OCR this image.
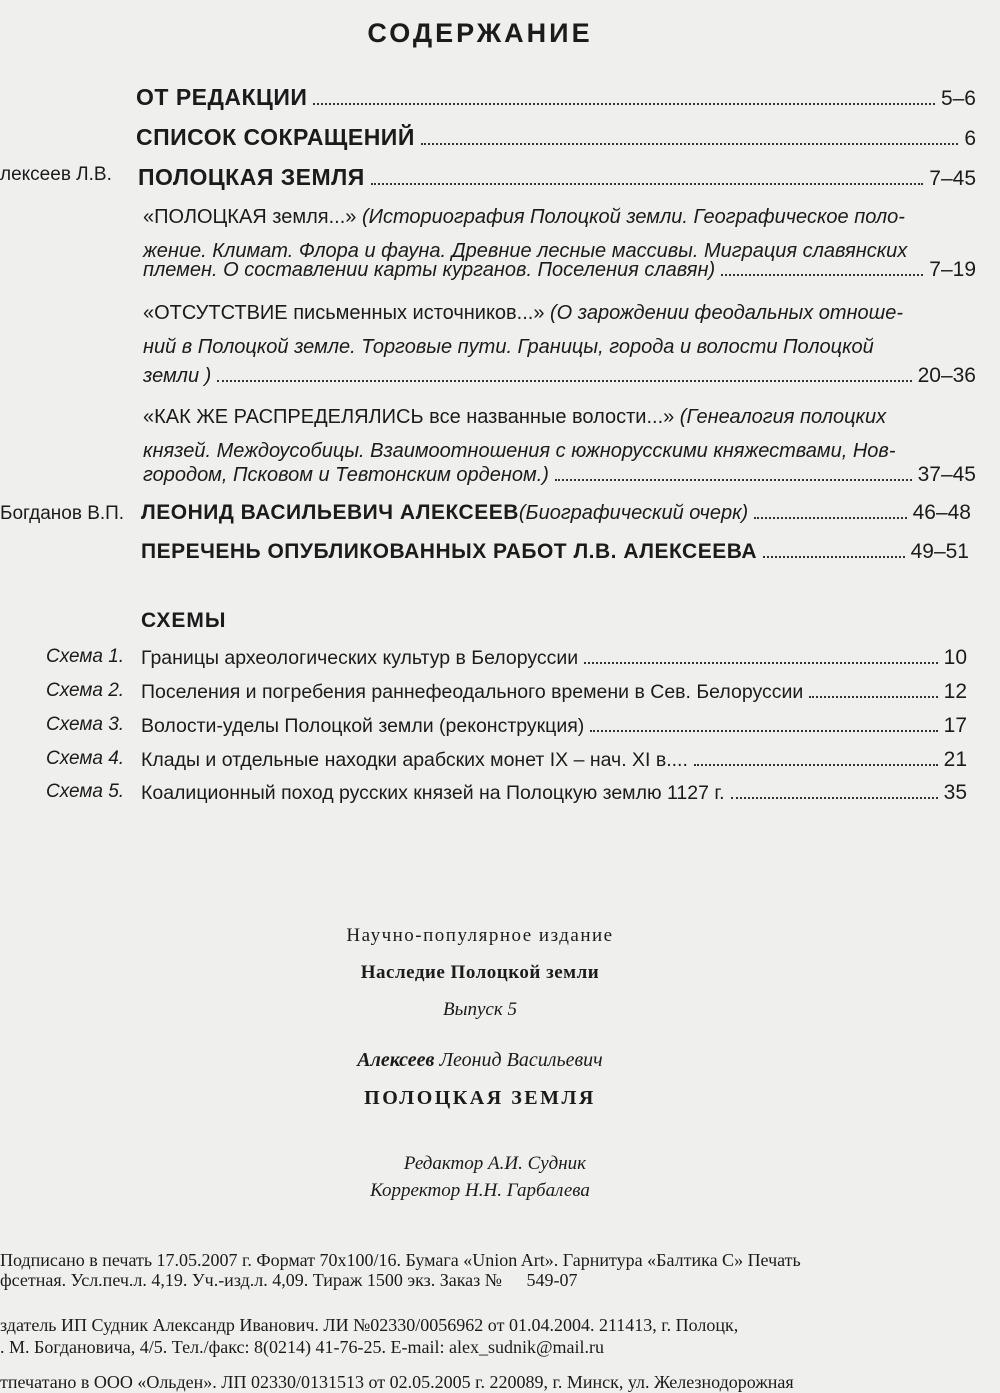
СОДЕРЖАНИЕ
ОТ РЕДАКЦИИ	5–6
СПИСОК СОКРАЩЕНИЙ	6
лексеев Л.В. ПОЛОЦКАЯ ЗЕМЛЯ	7–45
«ПОЛОЦКАЯ земля...» (Историография Полоцкой земли. Географическое поло-
жение. Климат. Флора и фауна. Древние лесные массивы. Миграция славянских
племен. О составлении карты курганов. Поселения славян)	7–19
«ОТСУТСТВИЕ письменных источников...» (О зарождении феодальных отноше-
ний в Полоцкой земле. Торговые пути. Границы, города и волости Полоцкой
земли )	20–36
«КАК ЖЕ РАСПРЕДЕЛЯЛИСЬ все названные волости...» (Генеалогия полоцких
князей. Междоусобицы. Взаимоотношения с южнорусскими княжествами, Нов-
городом, Псковом и Тевтонским орденом.)	37–45
Богданов В.П. ЛЕОНИД ВАСИЛЬЕВИЧ АЛЕКСЕЕВ (Биографический очерк)	46–48
ПЕРЕЧЕНЬ ОПУБЛИКОВАННЫХ РАБОТ Л.В. АЛЕКСЕЕВА	49–51
СХЕМЫ
Схема 1. Границы археологических культур в Белоруссии	10
Схема 2. Поселения и погребения раннефеодального времени в Сев. Белоруссии	12
Схема 3. Волости-уделы Полоцкой земли (реконструкция)	17
Схема 4. Клады и отдельные находки арабских монет IX – нач. XI в....	21
Схема 5. Коалиционный поход русских князей на Полоцкую землю 1127 г.	35
Научно-популярное издание
Наследие Полоцкой земли
Выпуск 5
Алексеев Леонид Васильевич
ПОЛОЦКАЯ ЗЕМЛЯ
Редактор А.И. Судник
Корректор Н.Н. Гарбалева
Подписано в печать 17.05.2007 г. Формат 70х100/16. Бумага «Union Art». Гарнитура «Балтика С» Печать
фсетная. Усл.печ.л. 4,19. Уч.-изд.л. 4,09. Тираж 1500 экз. Заказ № 549-07
здатель ИП Судник Александр Иванович. ЛИ №02330/0056962 от 01.04.2004. 211413, г. Полоцк,
. М. Богдановича, 4/5. Тел./факс: 8(0214) 41-76-25. E-mail: alex_sudnik@mail.ru
тпечатано в ООО «Ольден». ЛП 02330/0131513 от 02.05.2005 г. 220089, г. Минск, ул. Железнодорожная
